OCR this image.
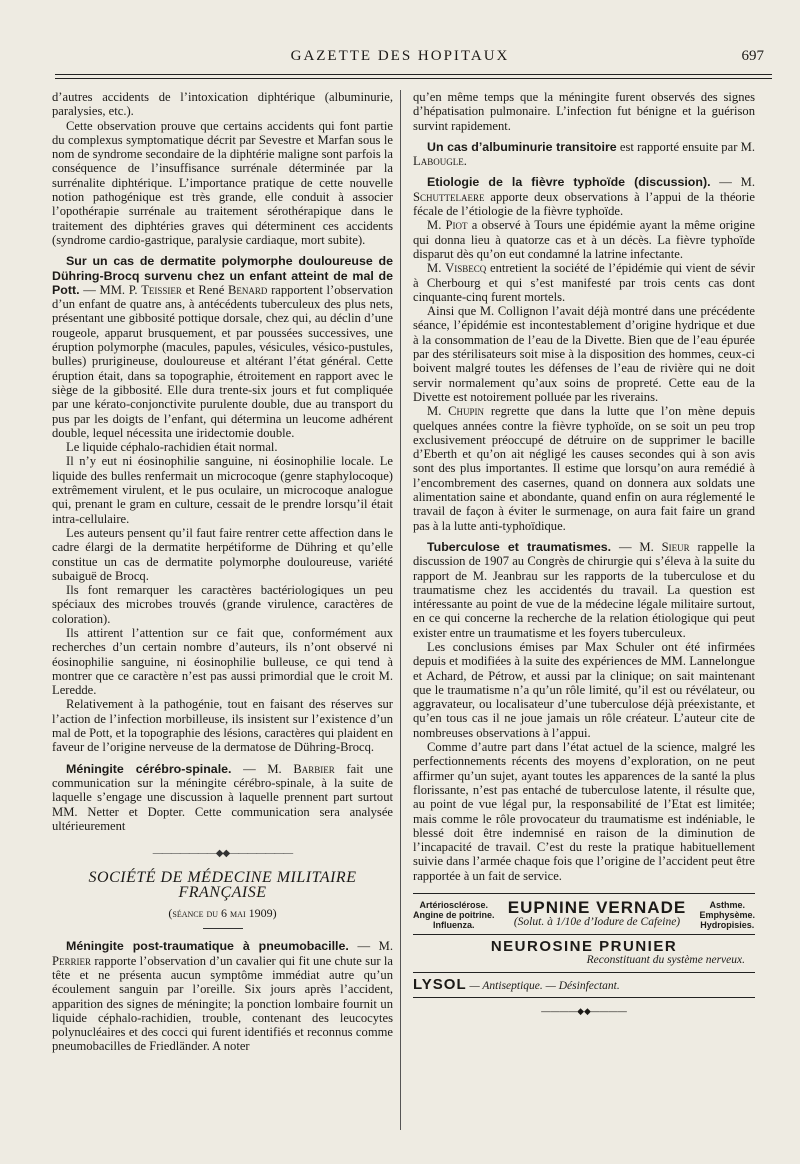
GAZETTE DES HOPITAUX	697

d’autres accidents de l’intoxication diphtérique (albuminurie, paralysies, etc.).

Cette observation prouve que certains accidents qui font partie du complexus symptomatique décrit par Sevestre et Marfan sous le nom de syndrome secondaire de la diphtérie maligne sont parfois la conséquence de l’insuffisance surrénale déterminée par la surrénalite diphtérique. L’importance pratique de cette nouvelle notion pathogénique est très grande, elle conduit à associer l’opothérapie surrénale au traitement sérothérapique dans le traitement des diphtéries graves qui déterminent ces accidents (syndrome cardio-gastrique, paralysie cardiaque, mort subite).

Sur un cas de dermatite polymorphe douloureuse de Dühring-Brocq survenu chez un enfant atteint de mal de Pott. — MM. P. Teissier et René Benard rapportent l’observation d’un enfant de quatre ans, à antécédents tuberculeux des plus nets, présentant une gibbosité pottique dorsale, chez qui, au déclin d’une rougeole, apparut brusquement, et par poussées successives, une éruption polymorphe (macules, papules, vésicules, vésico-pustules, bulles) prurigineuse, douloureuse et altérant l’état général. Cette éruption était, dans sa topographie, étroitement en rapport avec le siège de la gibbosité. Elle dura trente-six jours et fut compliquée par une kérato-conjonctivite purulente double, due au transport du pus par les doigts de l’enfant, qui détermina un leucome adhérent double, lequel nécessita une iridectomie double.

Le liquide céphalo-rachidien était normal.

Il n’y eut ni éosinophilie sanguine, ni éosinophilie locale. Le liquide des bulles renfermait un microcoque (genre staphylocoque) extrêmement virulent, et le pus oculaire, un microcoque analogue qui, prenant le gram en culture, cessait de le prendre lorsqu’il était intra-cellulaire.

Les auteurs pensent qu’il faut faire rentrer cette affection dans le cadre élargi de la dermatite herpétiforme de Dühring et qu’elle constitue un cas de dermatite polymorphe douloureuse, variété subaiguë de Brocq.

Ils font remarquer les caractères bactériologiques un peu spéciaux des microbes trouvés (grande virulence, caractères de coloration).

Ils attirent l’attention sur ce fait que, conformément aux recherches d’un certain nombre d’auteurs, ils n’ont observé ni éosinophilie sanguine, ni éosinophilie bulleuse, ce qui tend à montrer que ce caractère n’est pas aussi primordial que le croit M. Leredde.

Relativement à la pathogénie, tout en faisant des réserves sur l’action de l’infection morbilleuse, ils insistent sur l’existence d’un mal de Pott, et la topographie des lésions, caractères qui plaident en faveur de l’origine nerveuse de la dermatose de Dühring-Brocq.

Méningite cérébro-spinale. — M. Barbier fait une communication sur la méningite cérébro-spinale, à la suite de laquelle s’engage une discussion à laquelle prennent part surtout MM. Netter et Dopter. Cette communication sera analysée ultérieurement

———————◆◆———————
SOCIÉTÉ DE MÉDECINE MILITAIRE FRANÇAISE
(séance du 6 mai 1909)

Méningite post-traumatique à pneumobacille. — M. Perrier rapporte l’observation d’un cavalier qui fit une chute sur la tête et ne présenta aucun symptôme immédiat autre qu’un écoulement sanguin par l’oreille. Six jours après l’accident, apparition des signes de méningite; la ponction lombaire fournit un liquide céphalo-rachidien, trouble, contenant des leucocytes polynucléaires et des cocci qui furent identifiés et reconnus comme pneumobacilles de Friedländer. A noter

qu’en même temps que la méningite furent observés des signes d’hépatisation pulmonaire. L’infection fut bénigne et la guérison survint rapidement.

Un cas d’albuminurie transitoire est rapporté ensuite par M. Labougle.

Etiologie de la fièvre typhoïde (discussion). — M. Schuttelaere apporte deux observations à l’appui de la théorie fécale de l’étiologie de la fièvre typhoïde.

M. Piot a observé à Tours une épidémie ayant la même origine qui donna lieu à quatorze cas et à un décès. La fièvre typhoïde disparut dès qu’on eut condamné la latrine infectante.

M. Visbecq entretient la société de l’épidémie qui vient de sévir à Cherbourg et qui s’est manifesté par trois cents cas dont cinquante-cinq furent mortels.

Ainsi que M. Collignon l’avait déjà montré dans une précédente séance, l’épidémie est incontestablement d’origine hydrique et due à la consommation de l’eau de la Divette. Bien que de l’eau épurée par des stérilisateurs soit mise à la disposition des hommes, ceux-ci boivent malgré toutes les défenses de l’eau de rivière qui ne doit servir normalement qu’aux soins de propreté. Cette eau de la Divette est notoirement polluée par les riverains.

M. Chupin regrette que dans la lutte que l’on mène depuis quelques années contre la fièvre typhoïde, on se soit un peu trop exclusivement préoccupé de détruire on de supprimer le bacille d’Eberth et qu’on ait négligé les causes secondes qui à son avis sont des plus importantes. Il estime que lorsqu’on aura remédié à l’encombrement des casernes, quand on donnera aux soldats une alimentation saine et abondante, quand enfin on aura réglementé le travail de façon à éviter le surmenage, on aura fait faire un grand pas à la lutte anti-typhoïdique.

Tuberculose et traumatismes. — M. Sieur rappelle la discussion de 1907 au Congrès de chirurgie qui s’éleva à la suite du rapport de M. Jeanbrau sur les rapports de la tuberculose et du traumatisme chez les accidentés du travail. La question est intéressante au point de vue de la médecine légale militaire surtout, en ce qui concerne la recherche de la relation étiologique qui peut exister entre un traumatisme et les foyers tuberculeux.

Les conclusions émises par Max Schuler ont été infirmées depuis et modifiées à la suite des expériences de MM. Lannelongue et Achard, de Pétrow, et aussi par la clinique; on sait maintenant que le traumatisme n’a qu’un rôle limité, qu’il est ou révélateur, ou aggravateur, ou localisateur d’une tuberculose déjà préexistante, et qu’en tous cas il ne joue jamais un rôle créateur. L’auteur cite de nombreuses observations à l’appui.

Comme d’autre part dans l’état actuel de la science, malgré les perfectionnements récents des moyens d’exploration, on ne peut affirmer qu’un sujet, ayant toutes les apparences de la santé la plus florissante, n’est pas entaché de tuberculose latente, il résulte que, au point de vue légal pur, la responsabilité de l’Etat est limitée; mais comme le rôle provocateur du traumatisme est indéniable, le blessé doit être indemnisé en raison de la diminution de l’incapacité de travail. C’est du reste la pratique habituellement suivie dans l’armée chaque fois que l’origine de l’accident peut être rapportée à un fait de service.

Artériosclérose.
Angine de poitrine.
Influenza.
EUPNINE VERNADE
(Solut. à 1/10e d’Iodure de Cafeine)
Asthme.
Emphysème.
Hydropisies.
NEUROSINE PRUNIER
Reconstituant du système nerveux.
LYSOL — Antiseptique. — Désinfectant.
————◆◆————
